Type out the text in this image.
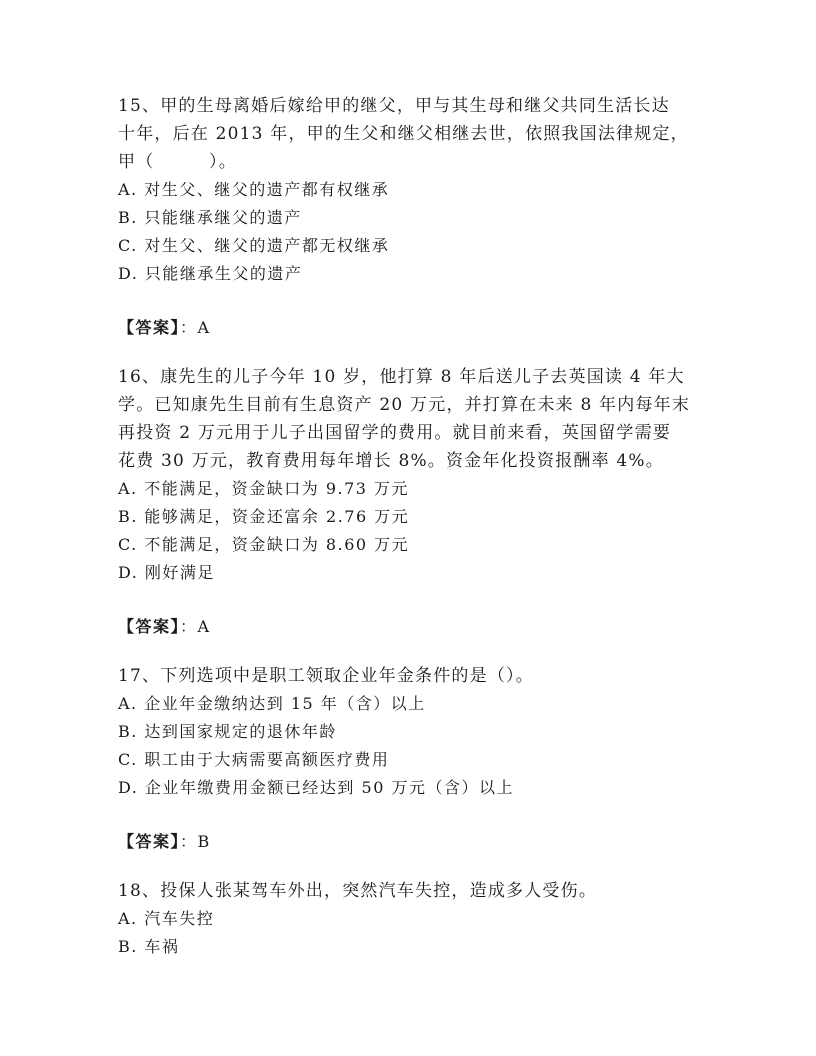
15、甲的生母离婚后嫁给甲的继父，甲与其生母和继父共同生活长达

十年，后在 2013 年，甲的生父和继父相继去世，依照我国法律规定，

甲（　　　）。

A. 对生父、继父的遗产都有权继承

B. 只能继承继父的遗产

C. 对生父、继父的遗产都无权继承

D. 只能继承生父的遗产

【答案】：A

16、康先生的儿子今年 10 岁，他打算 8 年后送儿子去英国读 4 年大

学。已知康先生目前有生息资产 20 万元，并打算在未来 8 年内每年末

再投资 2 万元用于儿子出国留学的费用。就目前来看，英国留学需要

花费 30 万元，教育费用每年增长 8%。资金年化投资报酬率 4%。

A. 不能满足，资金缺口为 9.73 万元

B. 能够满足，资金还富余 2.76 万元

C. 不能满足，资金缺口为 8.60 万元

D. 刚好满足

【答案】：A

17、下列选项中是职工领取企业年金条件的是（）。

A. 企业年金缴纳达到 15 年（含）以上

B. 达到国家规定的退休年龄

C. 职工由于大病需要高额医疗费用

D. 企业年缴费用金额已经达到 50 万元（含）以上

【答案】：B

18、投保人张某驾车外出，突然汽车失控，造成多人受伤。

A. 汽车失控

B. 车祸
